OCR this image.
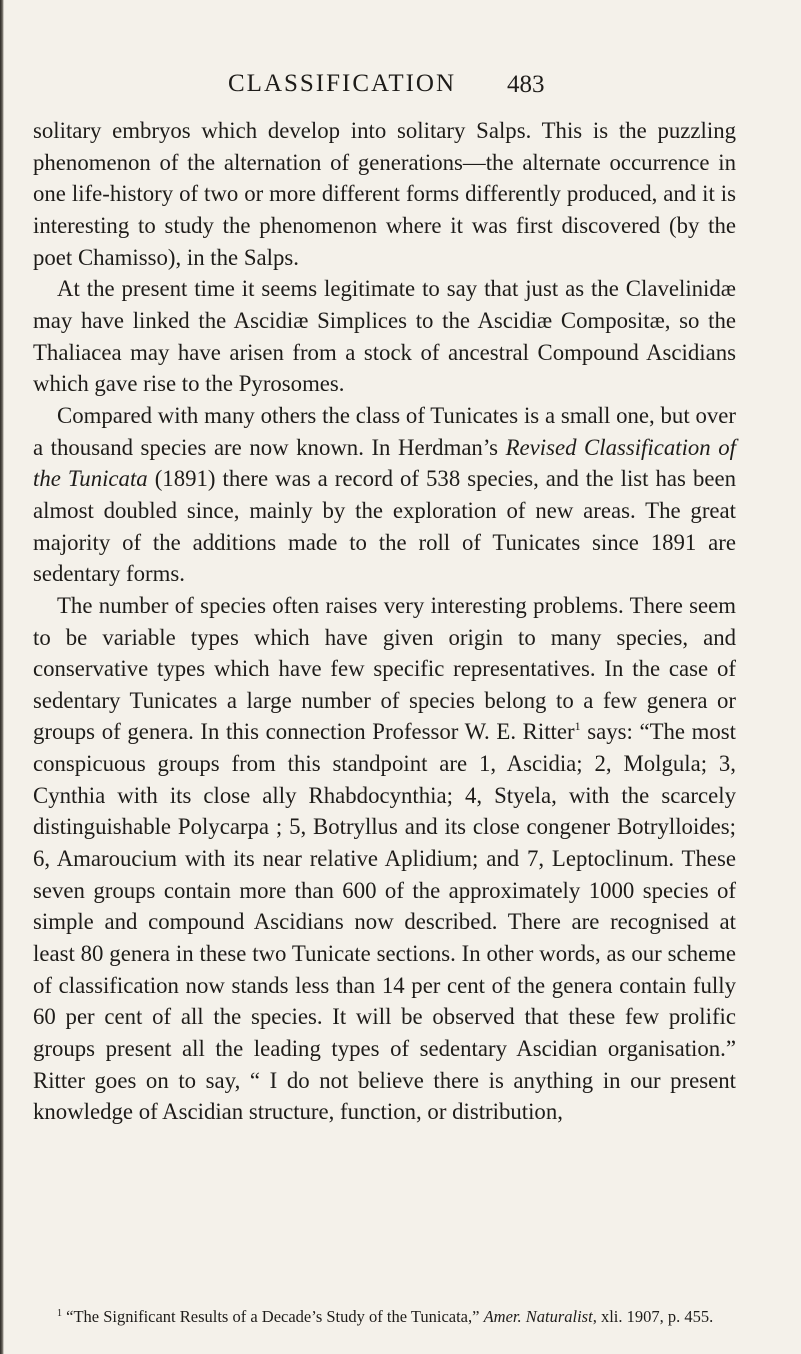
CLASSIFICATION 483

solitary embryos which develop into solitary Salps. This is the puzzling phenomenon of the alternation of generations—the alternate occurrence in one life-history of two or more different forms differently produced, and it is interesting to study the phenomenon where it was first discovered (by the poet Chamisso), in the Salps.

At the present time it seems legitimate to say that just as the Clavelinidæ may have linked the Ascidiæ Simplices to the Ascidiæ Compositæ, so the Thaliacea may have arisen from a stock of ancestral Compound Ascidians which gave rise to the Pyrosomes.

Compared with many others the class of Tunicates is a small one, but over a thousand species are now known. In Herdman’s Revised Classification of the Tunicata (1891) there was a record of 538 species, and the list has been almost doubled since, mainly by the exploration of new areas. The great majority of the additions made to the roll of Tunicates since 1891 are sedentary forms.

The number of species often raises very interesting problems. There seem to be variable types which have given origin to many species, and conservative types which have few specific representatives. In the case of sedentary Tunicates a large number of species belong to a few genera or groups of genera. In this connection Professor W. E. Ritter$^1$ says: “The most conspicuous groups from this standpoint are 1, Ascidia; 2, Molgula; 3, Cynthia with its close ally Rhabdocynthia; 4, Styela, with the scarcely distinguishable Polycarpa ; 5, Botryllus and its close congener Botrylloides; 6, Amaroucium with its near relative Aplidium; and 7, Leptoclinum. These seven groups contain more than 600 of the approximately 1000 species of simple and compound Ascidians now described. There are recognised at least 80 genera in these two Tunicate sections. In other words, as our scheme of classification now stands less than 14 per cent of the genera contain fully 60 per cent of all the species. It will be observed that these few prolific groups present all the leading types of sedentary Ascidian organisation.” Ritter goes on to say, “ I do not believe there is anything in our present knowledge of Ascidian structure, function, or distribution,

$^1$ “The Significant Results of a Decade’s Study of the Tunicata,” Amer. Naturalist, xli. 1907, p. 455.
